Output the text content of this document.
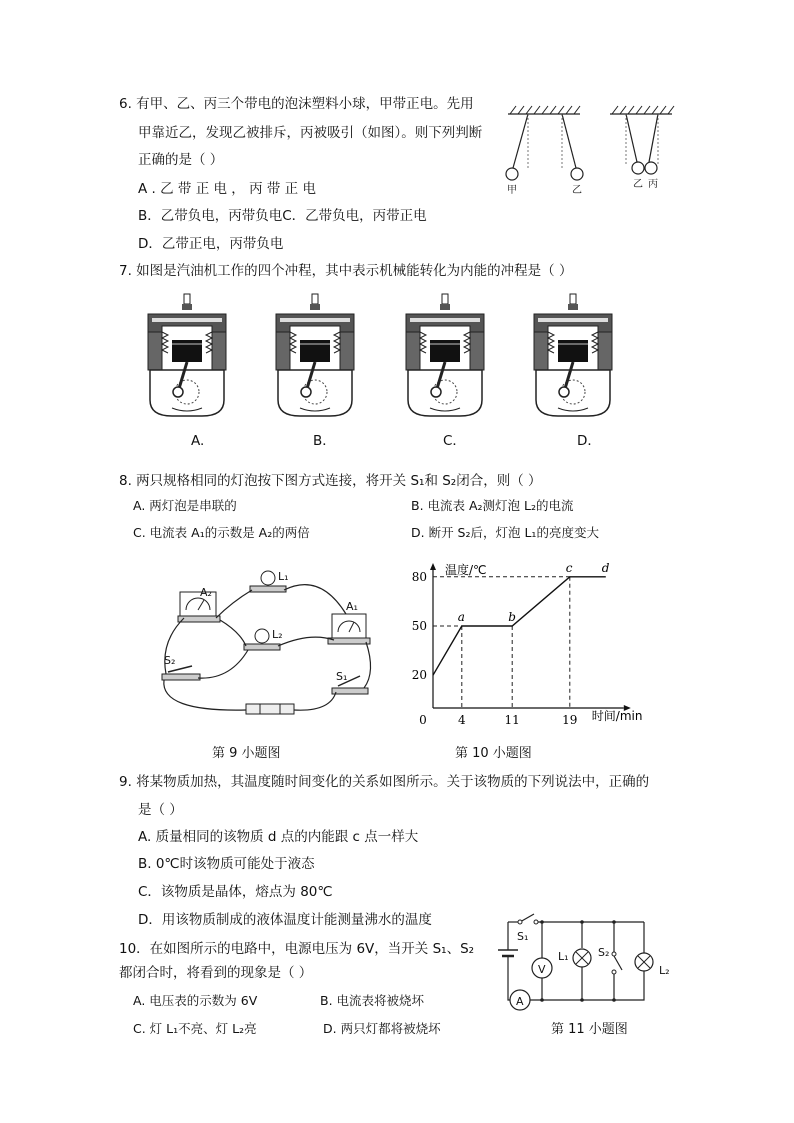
6. 有甲、乙、丙三个带电的泡沫塑料小球，甲带正电。先用
甲靠近乙，发现乙被排斥，丙被吸引（如图）。则下列判断
正确的是（ ）
A . 乙 带 正 电 ， 丙 带 正 电
B．乙带负电，丙带负电C．乙带负电，丙带正电
D．乙带正电，丙带负电
甲	乙
乙 丙
7. 如图是汽油机工作的四个冲程，其中表示机械能转化为内能的冲程是（ ）
A.	B．	C．	D．
8. 两只规格相同的灯泡按下图方式连接，将开关 S₁和 S₂闭合，则（ ）
A. 两灯泡是串联的	B. 电流表 A₂测灯泡 L₂的电流
C. 电流表 A₁的示数是 A₂的两倍	D. 断开 S₂后，灯泡 L₁的亮度变大
A₂
L₁
A₁
L₂
S₂
S₁
第 9 小题图
温度/℃
时间/min
20
50
80
0	4	11	19
a	b
c d
第 10 小题图
9. 将某物质加热，其温度随时间变化的关系如图所示。关于该物质的下列说法中，正确的
是（ ）
A. 质量相同的该物质 d 点的内能跟 c 点一样大
B. 0℃时该物质可能处于液态
C．该物质是晶体，熔点为 80℃
D．用该物质制成的液体温度计能测量沸水的温度
10．在如图所示的电路中，电源电压为 6V，当开关 S₁、S₂
都闭合时，将看到的现象是（ ）
A. 电压表的示数为 6V	B. 电流表将被烧坏
C. 灯 L₁不亮、灯 L₂亮	D. 两只灯都将被烧坏
S₁
V
L₁	S₂
L₂
A
第 11 小题图
